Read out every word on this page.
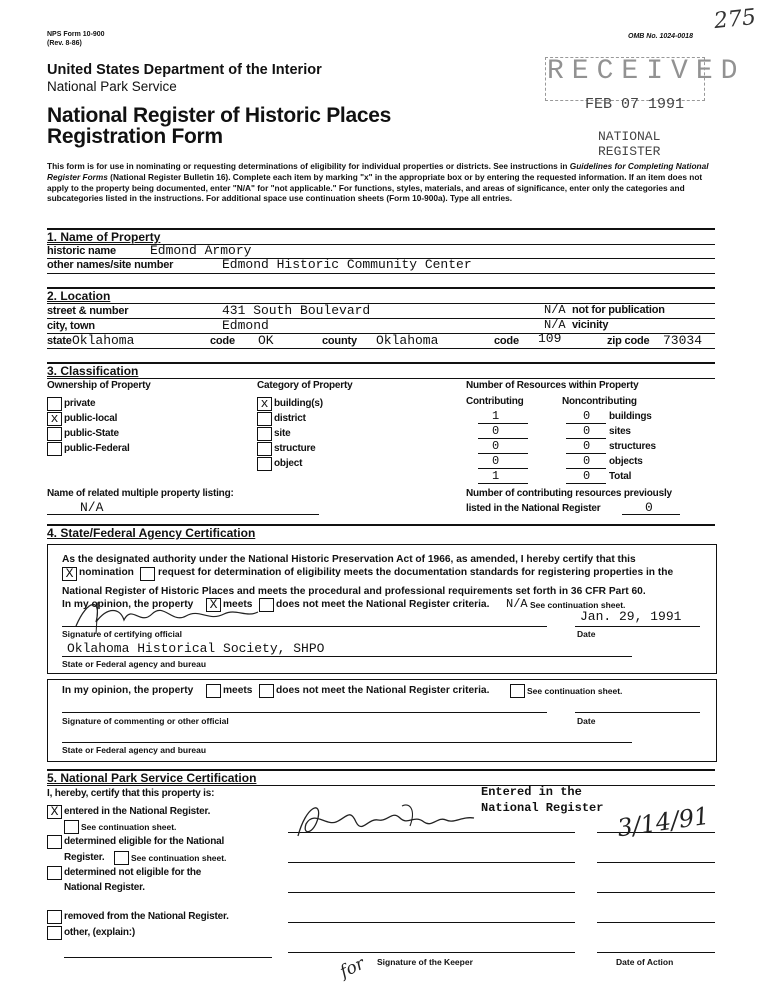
NPS Form 10-900
(Rev. 8-86)
OMB No. 1024-0018
275
United States Department of the Interior
National Park Service
National Register of Historic Places
Registration Form
RECEIVED
FEB 07 1991
NATIONAL
REGISTER
This form is for use in nominating or requesting determinations of eligibility for individual properties or districts. See instructions in Guidelines for Completing National Register Forms (National Register Bulletin 16). Complete each item by marking "x" in the appropriate box or by entering the requested information. If an item does not apply to the property being documented, enter "N/A" for "not applicable." For functions, styles, materials, and areas of significance, enter only the categories and subcategories listed in the instructions. For additional space use continuation sheets (Form 10-900a). Type all entries.
1. Name of Property
historic name	Edmond Armory
other names/site number	Edmond Historic Community Center
2. Location
street & number	431 South Boulevard	N/A not for publication
city, town	Edmond	N/A vicinity
state Oklahoma	code OK	county Oklahoma	code 109	zip code 73034
3. Classification
Ownership of Property	Category of Property	Number of Resources within Property
Contributing	Noncontributing
Name of related multiple property listing:
N/A
Number of contributing resources previously
listed in the National Register	0
4. State/Federal Agency Certification
As the designated authority under the National Historic Preservation Act of 1966, as amended, I hereby certify that this
X nomination request for determination of eligibility meets the documentation standards for registering properties in the
National Register of Historic Places and meets the procedural and professional requirements set forth in 36 CFR Part 60.
In my opinion, the property X meets does not meet the National Register criteria. N/A See continuation sheet.
Jan. 29, 1991
Signature of certifying official	Date
Oklahoma Historical Society, SHPO
State or Federal agency and bureau
In my opinion, the property	meets does not meet the National Register criteria.	See continuation sheet.
Signature of commenting or other official	Date
State or Federal agency and bureau
5. National Park Service Certification
I, hereby, certify that this property is:
X entered in the National Register.
See continuation sheet.
determined eligible for the National
Register.	See continuation sheet.
determined not eligible for the
National Register.
removed from the National Register.
other, (explain:)
Entered in the
National Register 3/14/91
for Signature of the Keeper	Date of Action
private
x public-local
public-State
public-Federal
x building(s)
district
site
structure
object
1	0 buildings
0	0 sites
0	0 structures
0	0 objects
1	0 Total
